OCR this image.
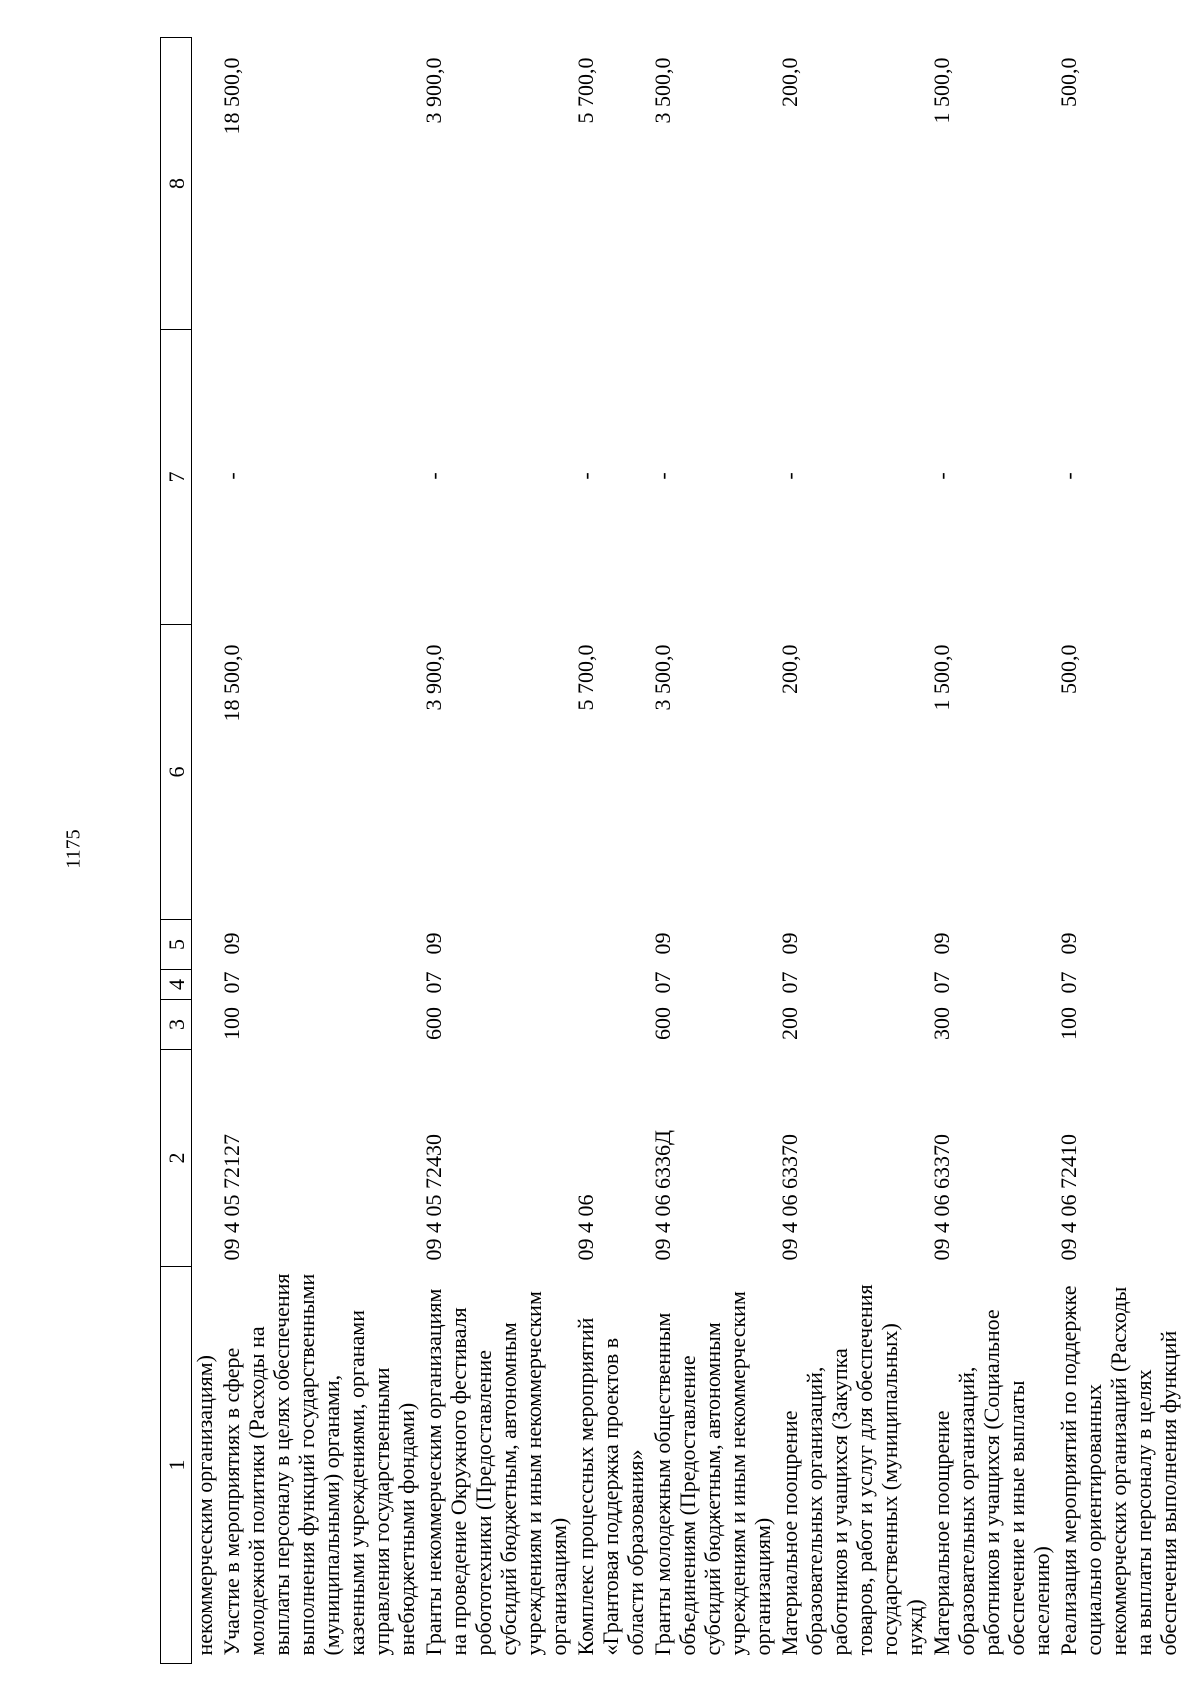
1175
1	2	3	4	5	6	7	8
некоммерческим организациям)							
Участие в мероприятиях в сфере молодежной политики (Расходы на выплаты персоналу в целях обеспечения выполнения функций государственными (муниципальными) органами, казенными учреждениями, органами управления государственными внебюджетными фондами)	09 4 05 72127	100	07	09	18 500,0	-	18 500,0
Гранты некоммерческим организациям на проведение Окружного фестиваля робототехники (Предоставление субсидий бюджетным, автономным учреждениям и иным некоммерческим организациям)	09 4 05 72430	600	07	09	3 900,0	-	3 900,0
Комплекс процессных мероприятий «Грантовая поддержка проектов в области образования»	09 4 06				5 700,0	-	5 700,0
Гранты молодежным общественным объединениям (Предоставление субсидий бюджетным, автономным учреждениям и иным некоммерческим организациям)	09 4 06 6336Д	600	07	09	3 500,0	-	3 500,0
Материальное поощрение образовательных организаций, работников и учащихся (Закупка товаров, работ и услуг для обеспечения государственных (муниципальных) нужд)	09 4 06 63370	200	07	09	200,0	-	200,0
Материальное поощрение образовательных организаций, работников и учащихся (Социальное обеспечение и иные выплаты населению)	09 4 06 63370	300	07	09	1 500,0	-	1 500,0
Реализация мероприятий по поддержке социально ориентированных некоммерческих организаций (Расходы на выплаты персоналу в целях обеспечения выполнения функций	09 4 06 72410	100	07	09	500,0	-	500,0
